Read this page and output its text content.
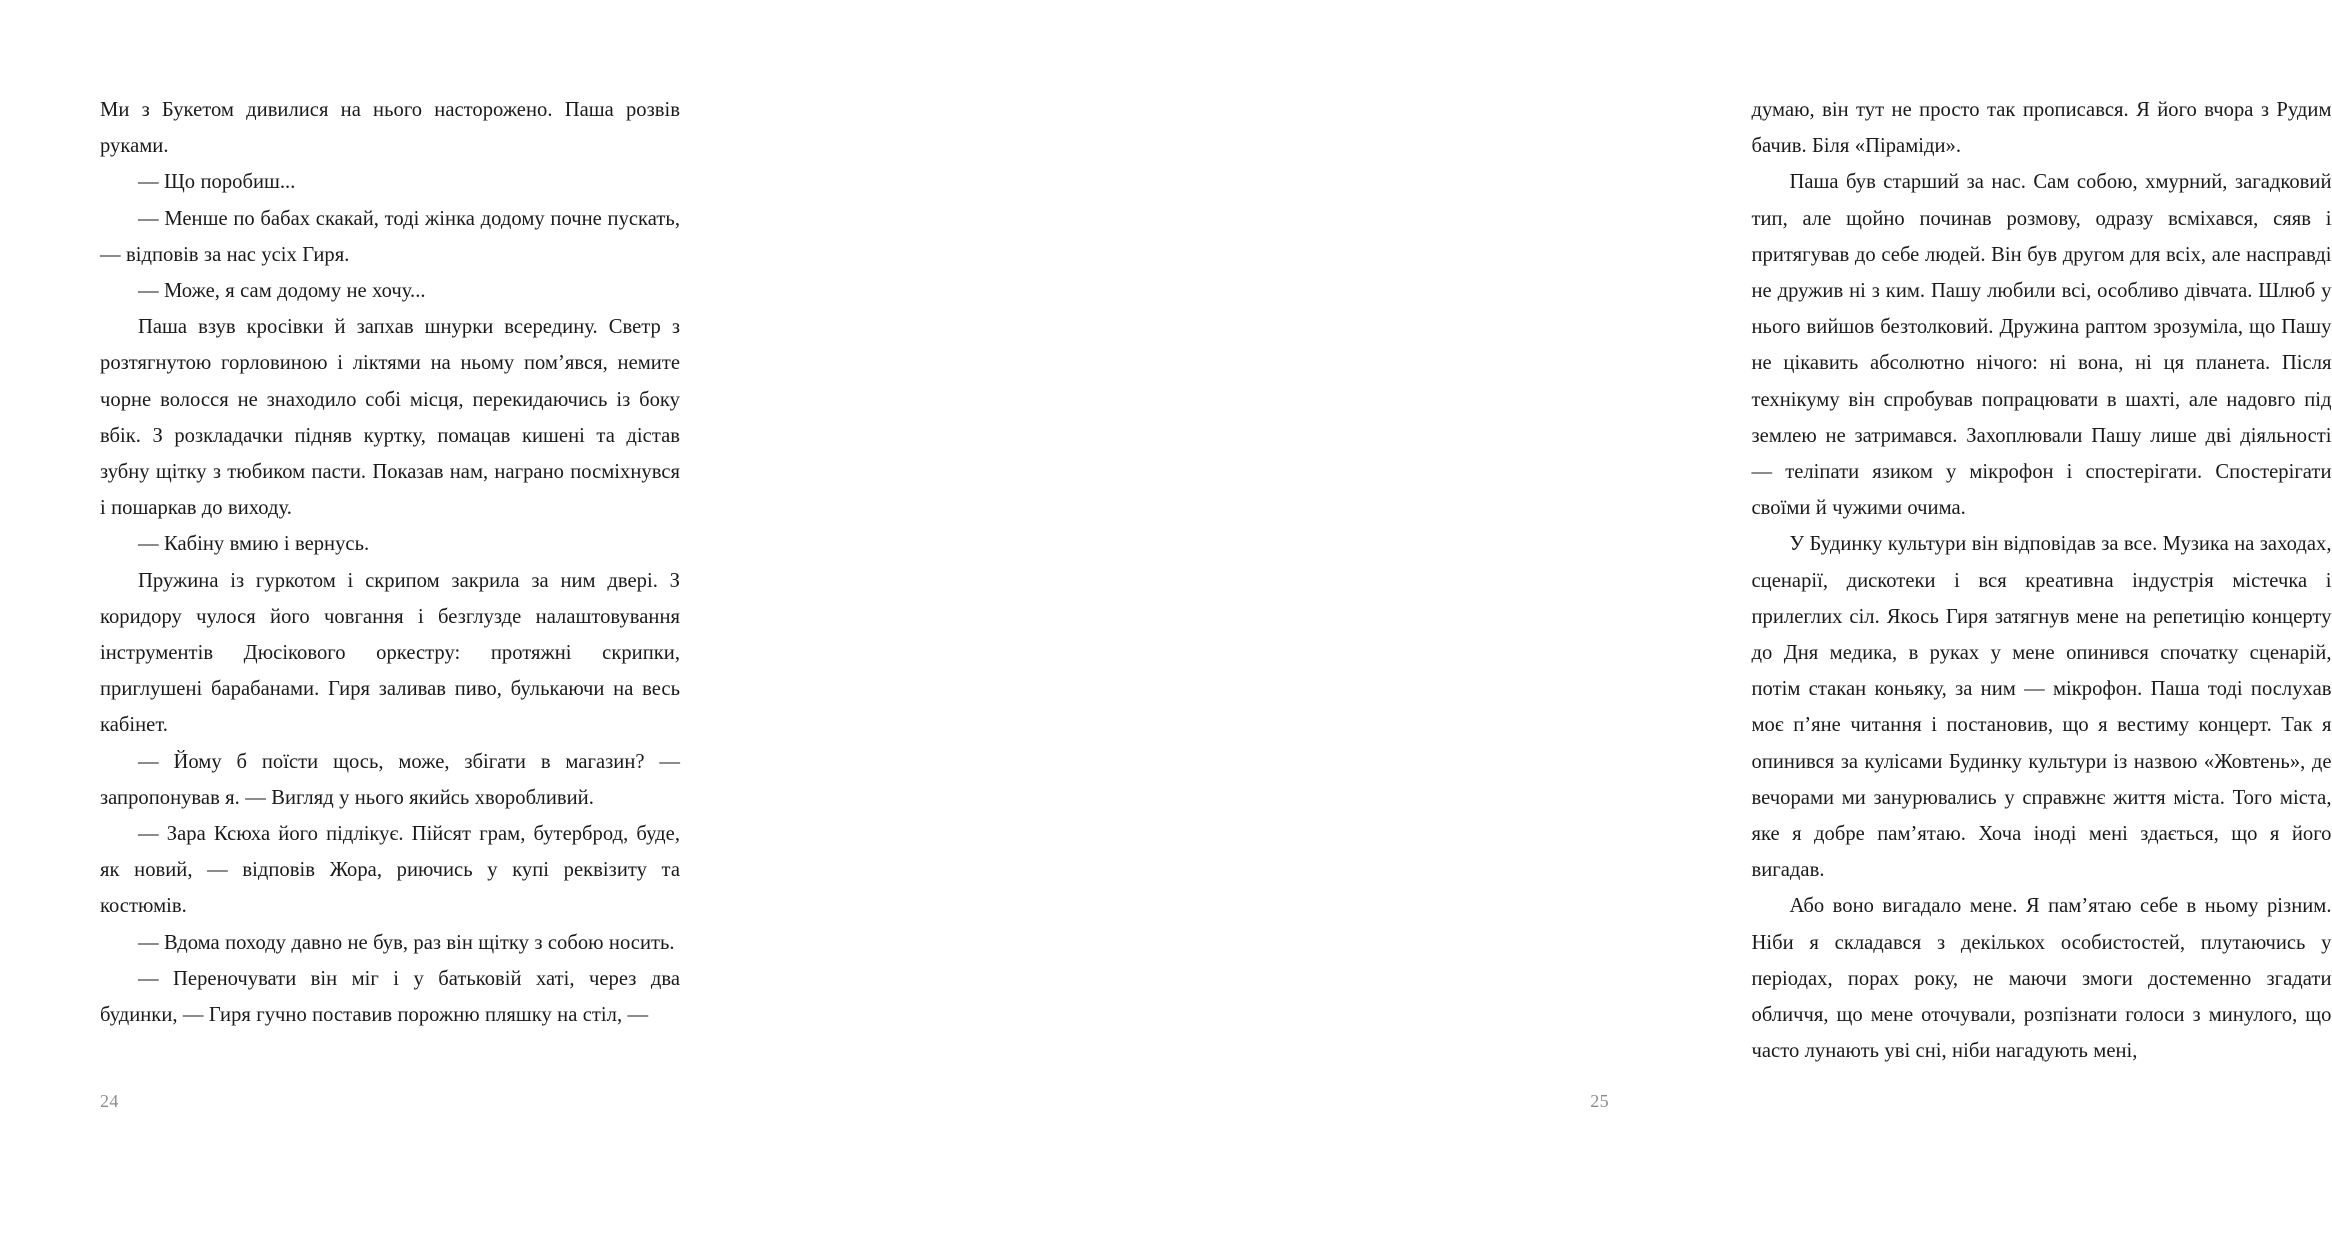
Ми з Букетом дивилися на нього насторожено. Паша розвів руками.

— Що поробиш...

— Менше по бабах скакай, тоді жінка додому почне пускать, — відповів за нас усіх Гиря.

— Може, я сам додому не хочу...

Паша взув кросівки й запхав шнурки всередину. Светр з розтягнутою горловиною і ліктями на ньому пом’явся, немите чорне волосся не знаходило собі місця, перекидаючись із боку вбік. З розкладачки підняв куртку, помацав кишені та дістав зубну щітку з тюбиком пасти. Показав нам, награно посміхнувся і пошаркав до виходу.

— Кабіну вмию і вернусь.

Пружина із гуркотом і скрипом закрила за ним двері. З коридору чулося його човгання і безглузде налаштовування інструментів Дюсікового оркестру: протяжні скрипки, приглушені барабанами. Гиря заливав пиво, булькаючи на весь кабінет.

— Йому б поїсти щось, може, збігати в магазин? — запропонував я. — Вигляд у нього якийсь хворобливий.

— Зара Ксюха його підлікує. Пійсят грам, бутерброд, буде, як новий, — відповів Жора, риючись у купі реквізиту та костюмів.

— Вдома походу давно не був, раз він щітку з собою носить.

— Переночувати він міг і у батьковій хаті, через два будинки, — Гиря гучно поставив порожню пляшку на стіл, —

24

думаю, він тут не просто так прописався. Я його вчора з Рудим бачив. Біля «Піраміди».

Паша був старший за нас. Сам собою, хмурний, загадковий тип, але щойно починав розмову, одразу всміхався, сяяв і притягував до себе людей. Він був другом для всіх, але насправді не дружив ні з ким. Пашу любили всі, особливо дівчата. Шлюб у нього вийшов безтолковий. Дружина раптом зрозуміла, що Пашу не цікавить абсолютно нічого: ні вона, ні ця планета. Після технікуму він спробував попрацювати в шахті, але надовго під землею не затримався. Захоплювали Пашу лише дві діяльності — теліпати язиком у мікрофон і спостерігати. Спостерігати своїми й чужими очима.

У Будинку культури він відповідав за все. Музика на заходах, сценарії, дискотеки і вся креативна індустрія містечка і прилеглих сіл. Якось Гиря затягнув мене на репетицію концерту до Дня медика, в руках у мене опинився спочатку сценарій, потім стакан коньяку, за ним — мікрофон. Паша тоді послухав моє п’яне читання і постановив, що я вестиму концерт. Так я опинився за кулісами Будинку культури із назвою «Жовтень», де вечорами ми занурювались у справжнє життя міста. Того міста, яке я добре пам’ятаю. Хоча іноді мені здається, що я його вигадав.

Або воно вигадало мене. Я пам’ятаю себе в ньому різним. Ніби я складався з декількох особистостей, плутаючись у періодах, порах року, не маючи змоги достеменно згадати обличчя, що мене оточували, розпізнати голоси з минулого, що часто лунають уві сні, ніби нагадують мені,

25
